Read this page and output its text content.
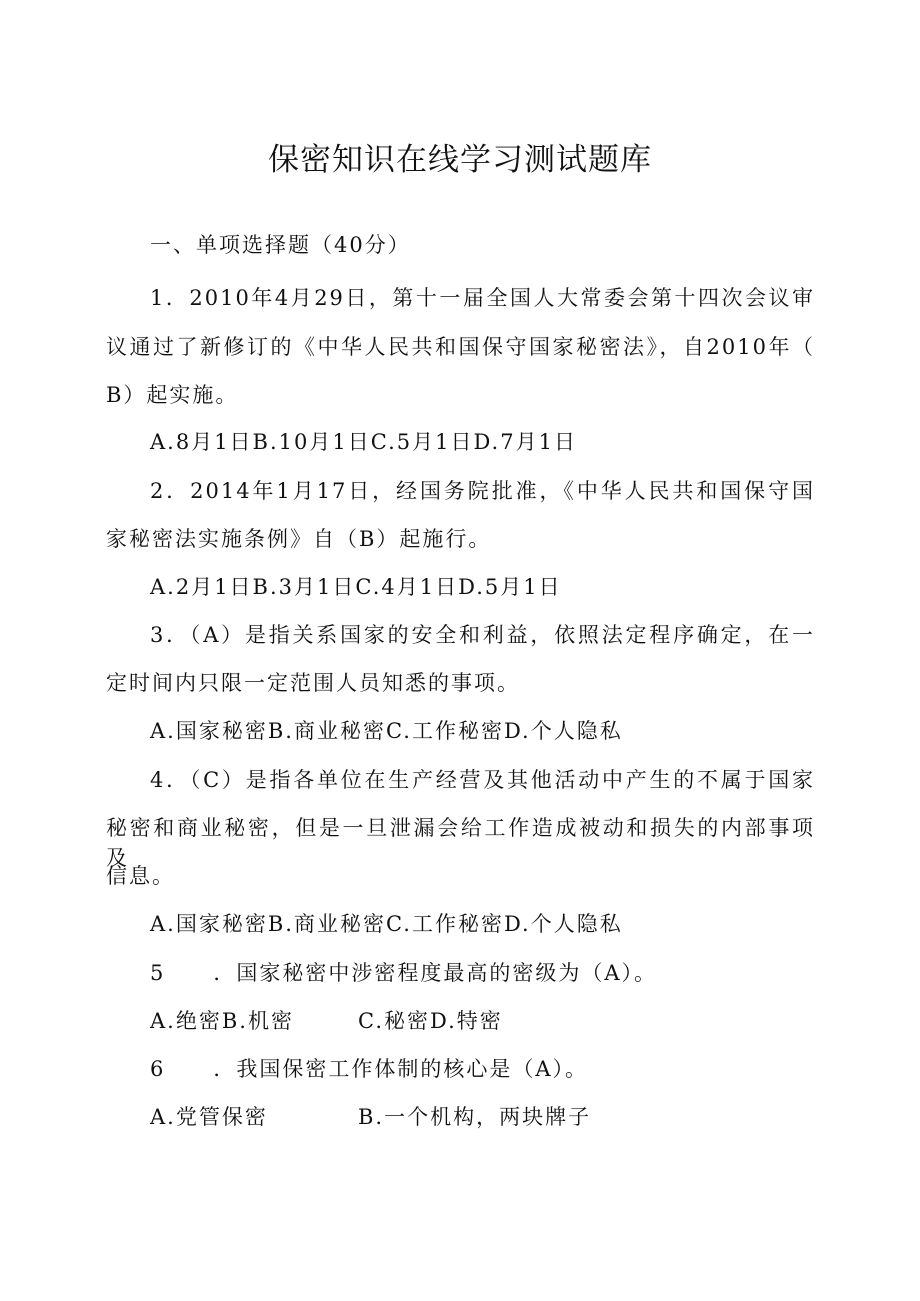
保密知识在线学习测试题库
一、单项选择题（40分）
1．2010年4月29日，第十一届全国人大常委会第十四次会议审
议通过了新修订的《中华人民共和国保守国家秘密法》，自2010年（
B）起实施。
A.8月1日B.10月1日C.5月1日D.7月1日
2．2014年1月17日，经国务院批准，《中华人民共和国保守国
家秘密法实施条例》自（B）起施行。
A.2月1日B.3月1日C.4月1日D.5月1日
3．（A）是指关系国家的安全和利益，依照法定程序确定，在一
定时间内只限一定范围人员知悉的事项。
A.国家秘密B.商业秘密C.工作秘密D.个人隐私
4．（C）是指各单位在生产经营及其他活动中产生的不属于国家
秘密和商业秘密，但是一旦泄漏会给工作造成被动和损失的内部事项及
信息。
A.国家秘密B.商业秘密C.工作秘密D.个人隐私
5 ．国家秘密中涉密程度最高的密级为（A）。
A.绝密B.机密	C.秘密D.特密
6 ．我国保密工作体制的核心是（A）。
A.党管保密	B.一个机构，两块牌子
